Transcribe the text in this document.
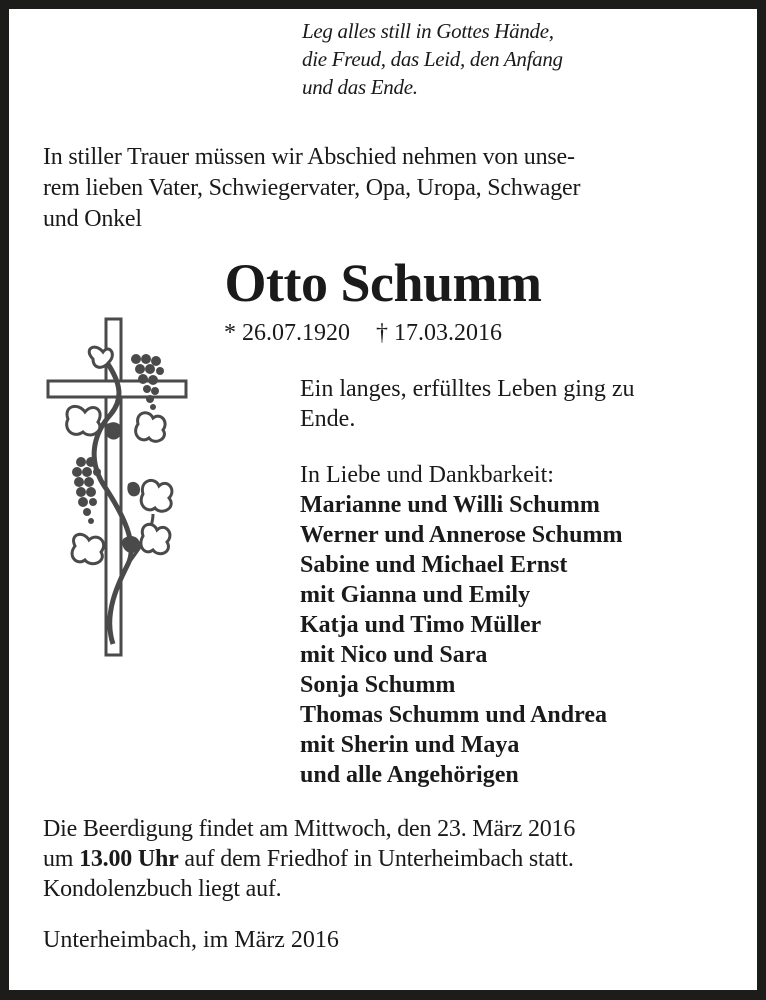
Leg alles still in Gottes Hände,
die Freud, das Leid, den Anfang
und das Ende.
In stiller Trauer müssen wir Abschied nehmen von unse-
rem lieben Vater, Schwiegervater, Opa, Uropa, Schwager
und Onkel
Otto Schumm
* 26.07.1920 † 17.03.2016
Ein langes, erfülltes Leben ging zu
Ende.
In Liebe und Dankbarkeit:
Marianne und Willi Schumm
Werner und Annerose Schumm
Sabine und Michael Ernst
mit Gianna und Emily
Katja und Timo Müller
mit Nico und Sara
Sonja Schumm
Thomas Schumm und Andrea
mit Sherin und Maya
und alle Angehörigen
Die Beerdigung findet am Mittwoch, den 23. März 2016
um 13.00 Uhr auf dem Friedhof in Unterheimbach statt.
Kondolenzbuch liegt auf.
Unterheimbach, im März 2016
